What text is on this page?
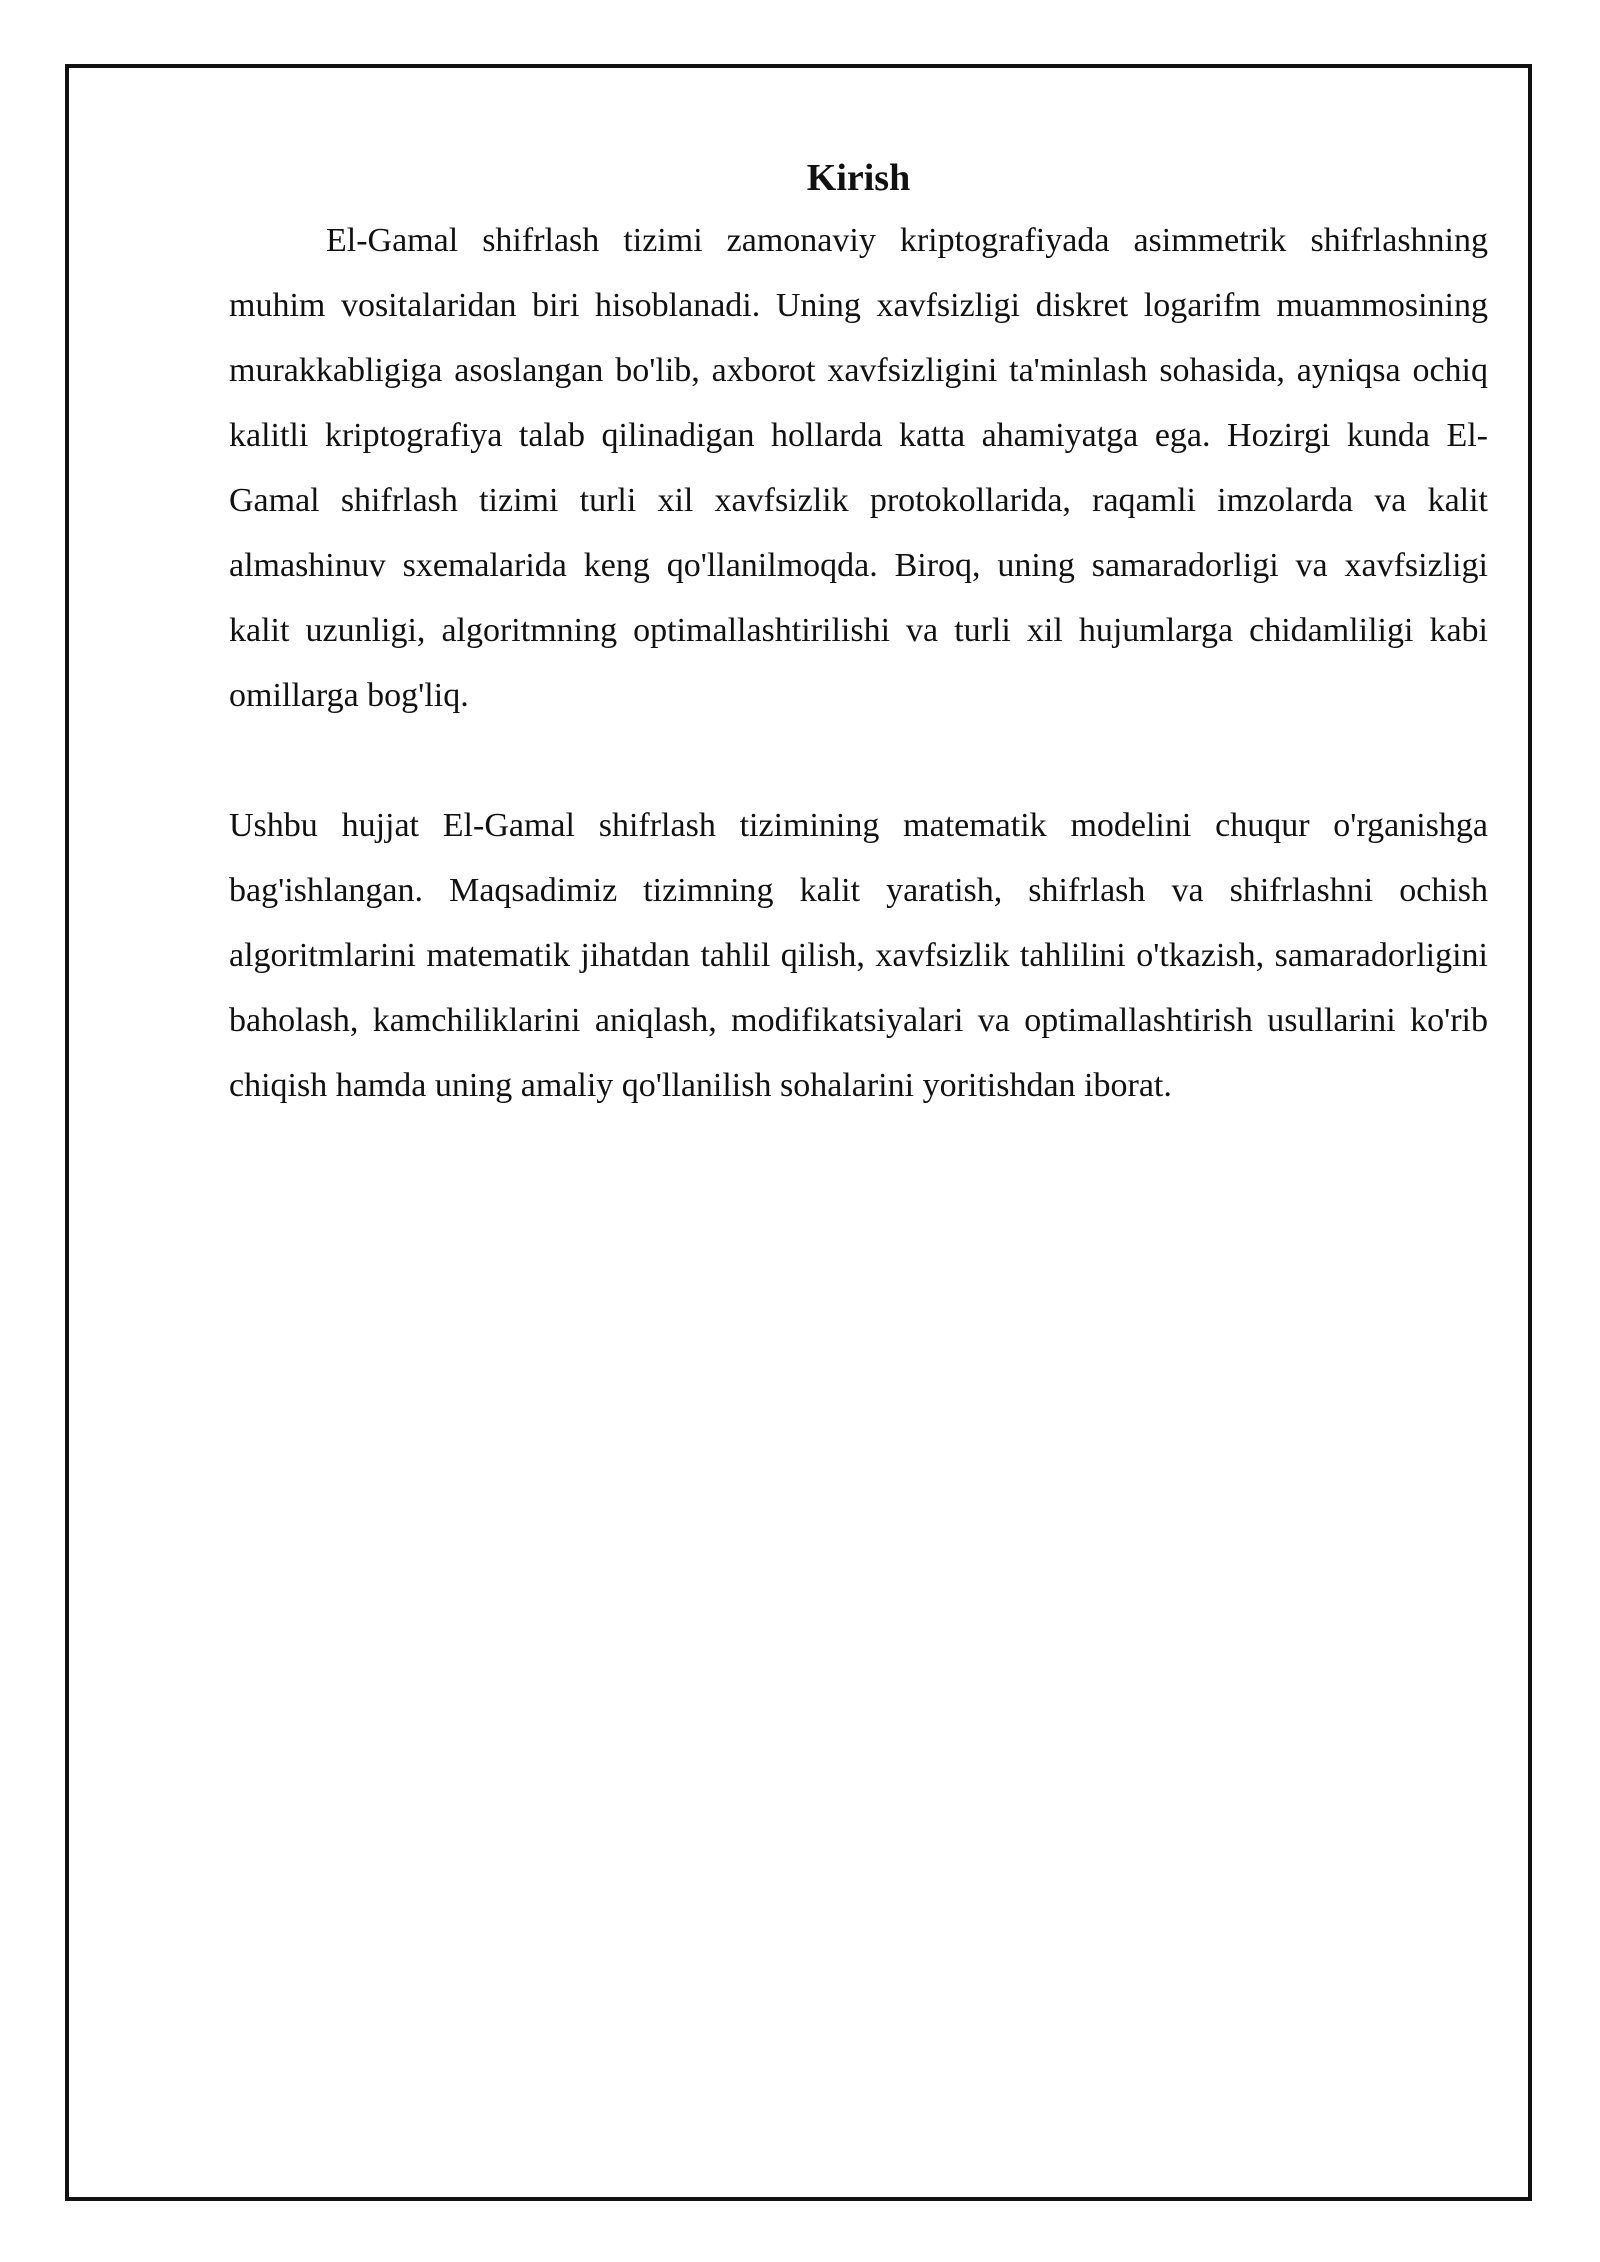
Kirish

El-Gamal shifrlash tizimi zamonaviy kriptografiyada asimmetrik shifrlashning muhim vositalaridan biri hisoblanadi. Uning xavfsizligi diskret logarifm muammosining murakkabligiga asoslangan bo'lib, axborot xavfsizligini ta'minlash sohasida, ayniqsa ochiq kalitli kriptografiya talab qilinadigan hollarda katta ahamiyatga ega. Hozirgi kunda El-Gamal shifrlash tizimi turli xil xavfsizlik protokollarida, raqamli imzolarda va kalit almashinuv sxemalarida keng qo'llanilmoqda. Biroq, uning samaradorligi va xavfsizligi kalit uzunligi, algoritmning optimallashtirilishi va turli xil hujumlarga chidamliligi kabi omillarga bog'liq.

Ushbu hujjat El-Gamal shifrlash tizimining matematik modelini chuqur o'rganishga bag'ishlangan. Maqsadimiz tizimning kalit yaratish, shifrlash va shifrlashni ochish algoritmlarini matematik jihatdan tahlil qilish, xavfsizlik tahlilini o'tkazish, samaradorligini baholash, kamchiliklarini aniqlash, modifikatsiyalari va optimallashtirish usullarini ko'rib chiqish hamda uning amaliy qo'llanilish sohalarini yoritishdan iborat.
